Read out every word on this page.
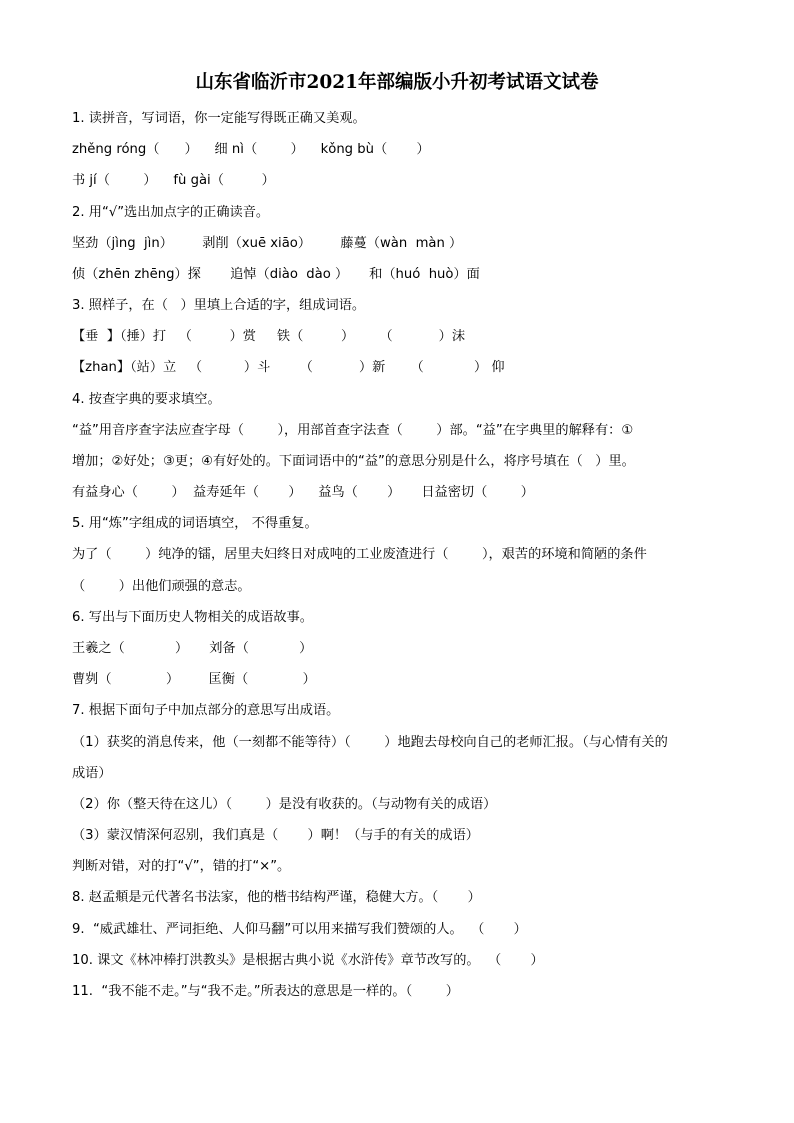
山东省临沂市2021年部编版小升初考试语文试卷
1. 读拼音，写词语，你一定能写得既正确又美观。
zhěng róng（      ）    细 nì（        ）    kǒng bù（       ）
书 jí（        ）    fù gài（         ）
2. 用“√”选出加点字的正确读音。
坚劲（jìng  jìn）       剥削（xuē xiāo）       藤蔓（wàn  màn ）
侦（zhēn zhēng）探       追悼（diào  dào ）     和（huó  huò）面
3. 照样子，在（   ）里填上合适的字，组成词语。
【垂  】（捶）打   （         ）赏     铁（         ）      （           ）沫
【zhan】（站）立   （          ）斗       （           ）新      （            ） 仰
4. 按查字典的要求填空。
“益”用音序查字法应查字母（        ），用部首查字法查（        ）部。“益”在字典里的解释有：①
增加；②好处；③更；④有好处的。下面词语中的“益”的意思分别是什么，将序号填在（   ）里。
有益身心（        ）  益寿延年（       ）    益鸟（       ）     日益密切（        ）
5. 用“炼”字组成的词语填空， 不得重复。
为了（        ）纯净的镭，居里夫妇终日对成吨的工业废渣进行（        ），艰苦的环境和简陋的条件
（        ）出他们顽强的意志。
6. 写出与下面历史人物相关的成语故事。
王羲之（            ）     刘备（            ）
曹刿（             ）       匡衡（             ）
7. 根据下面句子中加点部分的意思写出成语。
（1）获奖的消息传来，他（一刻都不能等待）（        ）地跑去母校向自己的老师汇报。（与心情有关的
成语）
（2）你（整天待在这儿）（        ）是没有收获的。（与动物有关的成语）
（3）蒙汉情深何忍别，我们真是（       ）啊！（与手的有关的成语）
判断对错，对的打“√”，错的打“×”。
8. 赵孟頫是元代著名书法家，他的楷书结构严谨，稳健大方。（       ）
9.  “威武雄壮、严词拒绝、人仰马翻”可以用来描写我们赞颂的人。  （       ）
10. 课文《林冲棒打洪教头》是根据古典小说《水浒传》章节改写的。  （       ）
11.  “我不能不走。”与“我不走。”所表达的意思是一样的。（        ）
